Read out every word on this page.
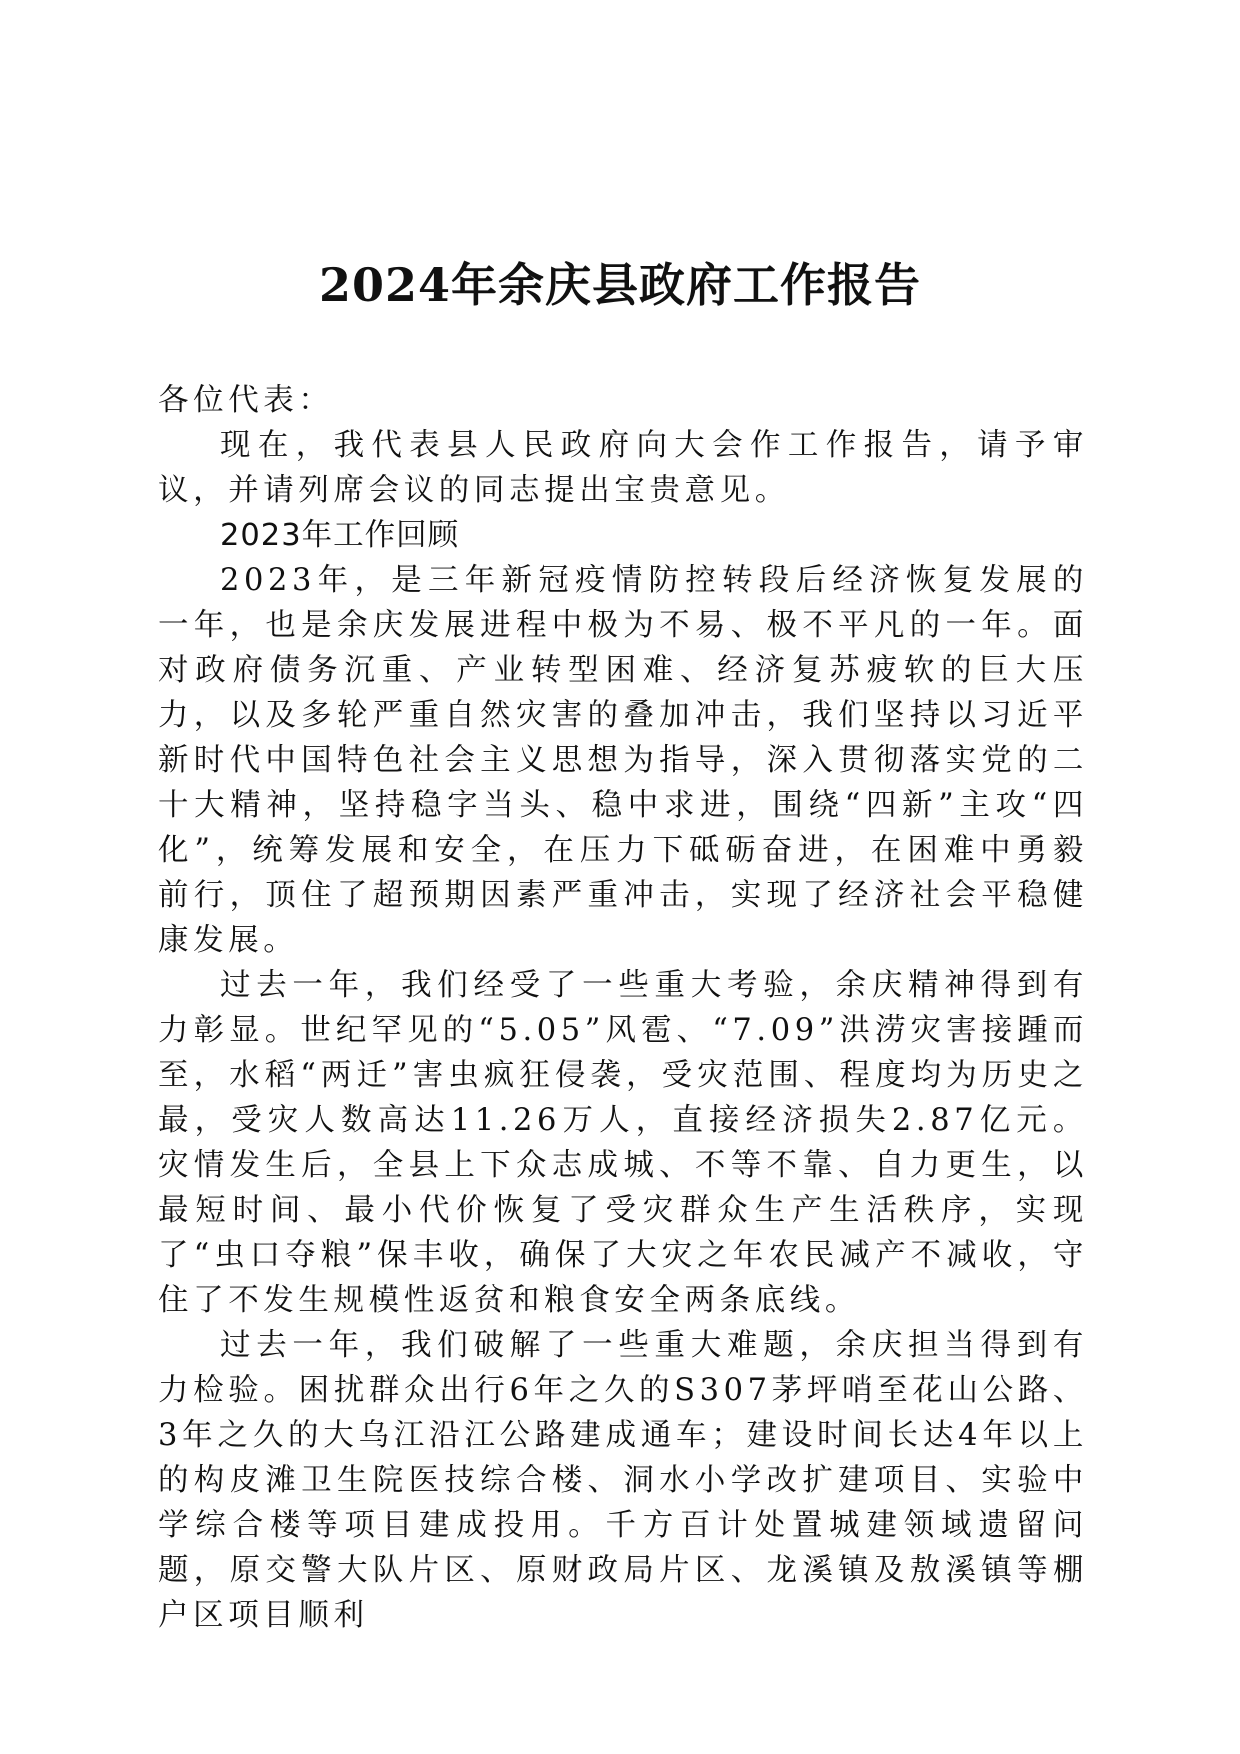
2024年余庆县政府工作报告

各位代表：

现在，我代表县人民政府向大会作工作报告，请予审议，并请列席会议的同志提出宝贵意见。

2023年工作回顾

2023年，是三年新冠疫情防控转段后经济恢复发展的一年，也是余庆发展进程中极为不易、极不平凡的一年。面对政府债务沉重、产业转型困难、经济复苏疲软的巨大压力，以及多轮严重自然灾害的叠加冲击，我们坚持以习近平新时代中国特色社会主义思想为指导，深入贯彻落实党的二十大精神，坚持稳字当头、稳中求进，围绕“四新”主攻“四化”，统筹发展和安全，在压力下砥砺奋进，在困难中勇毅前行，顶住了超预期因素严重冲击，实现了经济社会平稳健康发展。

过去一年，我们经受了一些重大考验，余庆精神得到有力彰显。世纪罕见的“5.05”风雹、“7.09”洪涝灾害接踵而至，水稻“两迁”害虫疯狂侵袭，受灾范围、程度均为历史之最，受灾人数高达11.26万人，直接经济损失2.87亿元。灾情发生后，全县上下众志成城、不等不靠、自力更生，以最短时间、最小代价恢复了受灾群众生产生活秩序，实现了“虫口夺粮”保丰收，确保了大灾之年农民减产不减收，守住了不发生规模性返贫和粮食安全两条底线。

过去一年，我们破解了一些重大难题，余庆担当得到有力检验。困扰群众出行6年之久的S307茅坪哨至花山公路、3年之久的大乌江沿江公路建成通车；建设时间长达4年以上的构皮滩卫生院医技综合楼、洞水小学改扩建项目、实验中学综合楼等项目建成投用。千方百计处置城建领域遗留问题，原交警大队片区、原财政局片区、龙溪镇及敖溪镇等棚户区项目顺利
